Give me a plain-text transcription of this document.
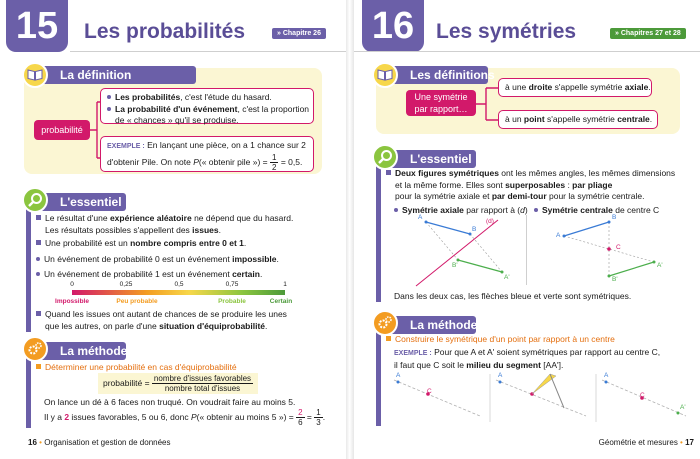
15	Les probabilités	» Chapitre 26
La définition
probabilité
Les probabilités, c'est l'étude du hasard.
La probabilité d'un événement, c'est la proportion
de « chances » qu'il se produise.
EXEMPLE : En lançant une pièce, on a 1 chance sur 2
d'obtenir Pile. On note P(« obtenir pile ») = $\frac{1}{2} = 0,5$.
L'essentiel
Le résultat d'une expérience aléatoire ne dépend que du hasard.
Les résultats possibles s'appellent des issues.
Une probabilité est un nombre compris entre 0 et 1.
Un événement de probabilité 0 est un événement impossible.
Un événement de probabilité 1 est un événement certain.
0	0,25	0,5	0,75	1
Impossible	Peu probable	Probable	Certain
Quand les issues ont autant de chances de se produire les unes
que les autres, on parle d'une situation d'équiprobabilité.
La méthode
Déterminer une probabilité en cas d'équiprobabilité
probabilité = $\frac{\text{nombre d'issues favorables}}{\text{nombre total d'issues}}$
On lance un dé à 6 faces non truqué. On voudrait faire au moins 5.
Il y a 2 issues favorables, 5 ou 6, donc P(« obtenir au moins 5 ») = $\frac{2}{6} = \frac{1}{3}$ .
16 • Organisation et gestion de données
16	Les symétries	» Chapitres 27 et 28
Les définitions
Une symétrie
par rapport…
à une droite s'appelle symétrie axiale.
à un point s'appelle symétrie centrale.
L'essentiel
Deux figures symétriques ont les mêmes angles, les mêmes dimensions
et la même forme. Elles sont superposables : par pliage
pour la symétrie axiale et par demi-tour pour la symétrie centrale.
Symétrie axiale par rapport à (d)	Symétrie centrale de centre C
(d)
A
B
B'
A'
A
B
C
B'
A'
Dans les deux cas, les flèches bleue et verte sont symétriques.
La méthode
Construire le symétrique d'un point par rapport à un centre
EXEMPLE : Pour que A et A' soient symétriques par rapport au centre C,
il faut que C soit le milieu du segment [AA'].
A
C
A	A
C
A'
Géométrie et mesures • 17
